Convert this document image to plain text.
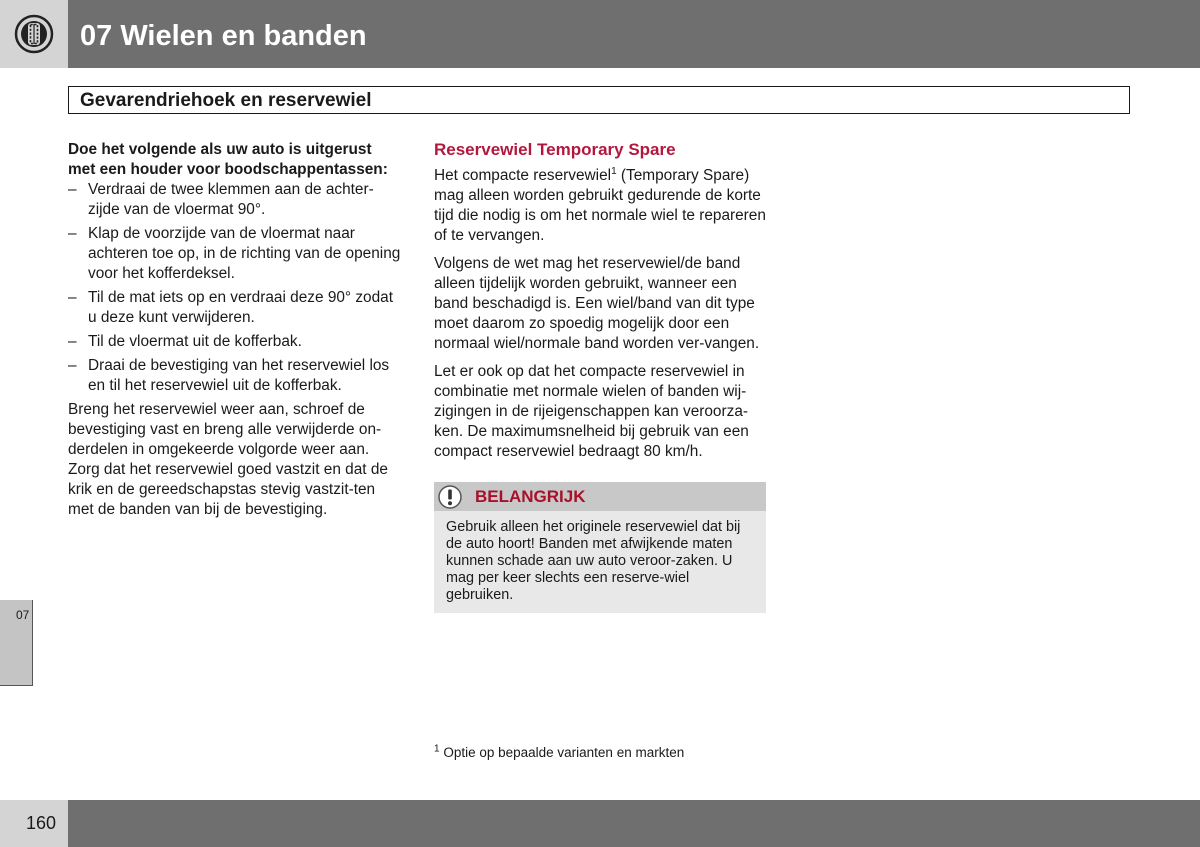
07 Wielen en banden
Gevarendriehoek en reservewiel

Doe het volgende als uw auto is uitgerust met een houder voor boodschappentassen:

– Verdraai de twee klemmen aan de achter-zijde van de vloermat 90°.
– Klap de voorzijde van de vloermat naar achteren toe op, in de richting van de opening voor het kofferdeksel.
– Til de mat iets op en verdraai deze 90° zodat u deze kunt verwijderen.
– Til de vloermat uit de kofferbak.
– Draai de bevestiging van het reservewiel los en til het reservewiel uit de kofferbak.

Breng het reservewiel weer aan, schroef de bevestiging vast en breng alle verwijderde on-derdelen in omgekeerde volgorde weer aan. Zorg dat het reservewiel goed vastzit en dat de krik en de gereedschapstas stevig vastzit-ten met de banden van bij de bevestiging.

Reservewiel Temporary Spare

Het compacte reservewiel$^1$ (Temporary Spare) mag alleen worden gebruikt gedurende de korte tijd die nodig is om het normale wiel te repareren of te vervangen.

Volgens de wet mag het reservewiel/de band alleen tijdelijk worden gebruikt, wanneer een band beschadigd is. Een wiel/band van dit type moet daarom zo spoedig mogelijk door een normaal wiel/normale band worden ver-vangen.

Let er ook op dat het compacte reservewiel in combinatie met normale wielen of banden wij-zigingen in de rijeigenschappen kan veroorza-ken. De maximumsnelheid bij gebruik van een compact reservewiel bedraagt 80 km/h.

BELANGRIJK
Gebruik alleen het originele reservewiel dat bij de auto hoort! Banden met afwijkende maten kunnen schade aan uw auto veroor-zaken. U mag per keer slechts een reserve-wiel gebruiken.
$^1$ Optie op bepaalde varianten en markten
07
160
